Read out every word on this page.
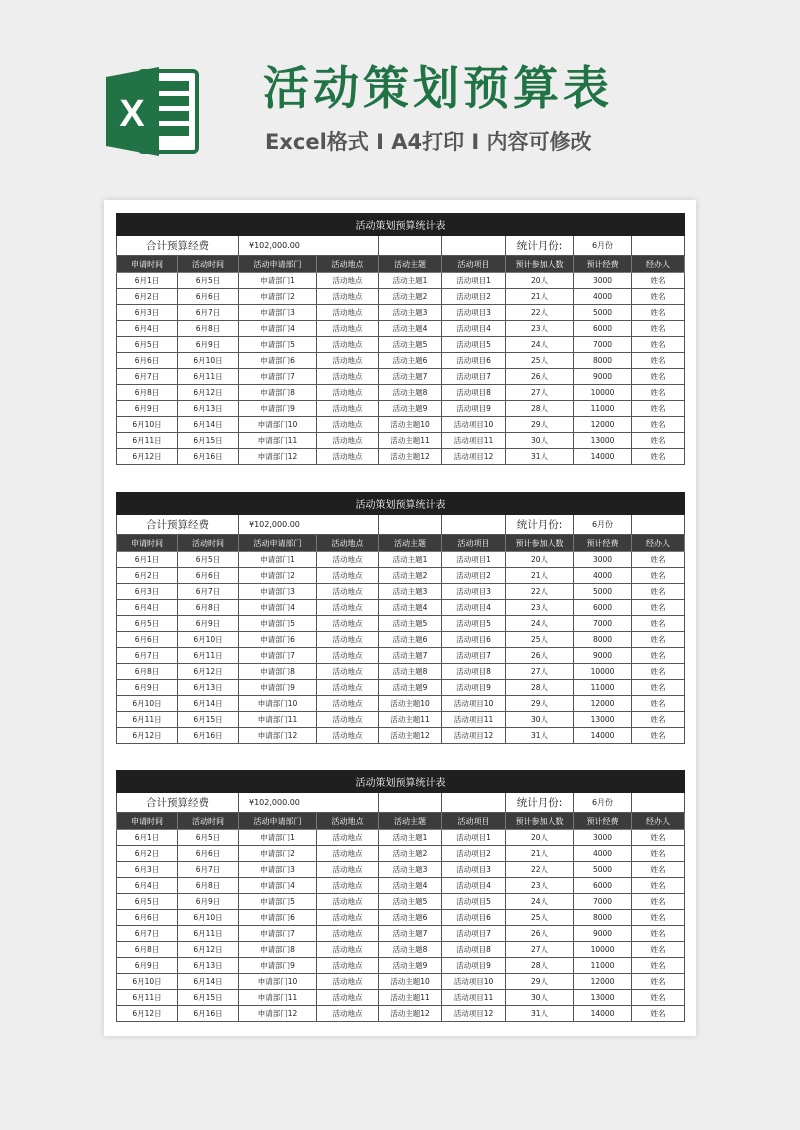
X	活动策划预算表
Excel格式 I A4打印 I 内容可修改
活动策划预算统计表								
合计预算经费		¥102,000.00				统计月份:	6月份	
申请时间	活动时间	活动申请部门	活动地点	活动主题	活动项目	预计参加人数	预计经费	经办人
6月1日	6月5日	申请部门1	活动地点	活动主题1	活动项目1	20人	3000	姓名
6月2日	6月6日	申请部门2	活动地点	活动主题2	活动项目2	21人	4000	姓名
6月3日	6月7日	申请部门3	活动地点	活动主题3	活动项目3	22人	5000	姓名
6月4日	6月8日	申请部门4	活动地点	活动主题4	活动项目4	23人	6000	姓名
6月5日	6月9日	申请部门5	活动地点	活动主题5	活动项目5	24人	7000	姓名
6月6日	6月10日	申请部门6	活动地点	活动主题6	活动项目6	25人	8000	姓名
6月7日	6月11日	申请部门7	活动地点	活动主题7	活动项目7	26人	9000	姓名
6月8日	6月12日	申请部门8	活动地点	活动主题8	活动项目8	27人	10000	姓名
6月9日	6月13日	申请部门9	活动地点	活动主题9	活动项目9	28人	11000	姓名
6月10日	6月14日	申请部门10	活动地点	活动主题10	活动项目10	29人	12000	姓名
6月11日	6月15日	申请部门11	活动地点	活动主题11	活动项目11	30人	13000	姓名
6月12日	6月16日	申请部门12	活动地点	活动主题12	活动项目12	31人	14000	姓名
活动策划预算统计表								
合计预算经费		¥102,000.00				统计月份:	6月份	
申请时间	活动时间	活动申请部门	活动地点	活动主题	活动项目	预计参加人数	预计经费	经办人
6月1日	6月5日	申请部门1	活动地点	活动主题1	活动项目1	20人	3000	姓名
6月2日	6月6日	申请部门2	活动地点	活动主题2	活动项目2	21人	4000	姓名
6月3日	6月7日	申请部门3	活动地点	活动主题3	活动项目3	22人	5000	姓名
6月4日	6月8日	申请部门4	活动地点	活动主题4	活动项目4	23人	6000	姓名
6月5日	6月9日	申请部门5	活动地点	活动主题5	活动项目5	24人	7000	姓名
6月6日	6月10日	申请部门6	活动地点	活动主题6	活动项目6	25人	8000	姓名
6月7日	6月11日	申请部门7	活动地点	活动主题7	活动项目7	26人	9000	姓名
6月8日	6月12日	申请部门8	活动地点	活动主题8	活动项目8	27人	10000	姓名
6月9日	6月13日	申请部门9	活动地点	活动主题9	活动项目9	28人	11000	姓名
6月10日	6月14日	申请部门10	活动地点	活动主题10	活动项目10	29人	12000	姓名
6月11日	6月15日	申请部门11	活动地点	活动主题11	活动项目11	30人	13000	姓名
6月12日	6月16日	申请部门12	活动地点	活动主题12	活动项目12	31人	14000	姓名
活动策划预算统计表								
合计预算经费		¥102,000.00				统计月份:	6月份	
申请时间	活动时间	活动申请部门	活动地点	活动主题	活动项目	预计参加人数	预计经费	经办人
6月1日	6月5日	申请部门1	活动地点	活动主题1	活动项目1	20人	3000	姓名
6月2日	6月6日	申请部门2	活动地点	活动主题2	活动项目2	21人	4000	姓名
6月3日	6月7日	申请部门3	活动地点	活动主题3	活动项目3	22人	5000	姓名
6月4日	6月8日	申请部门4	活动地点	活动主题4	活动项目4	23人	6000	姓名
6月5日	6月9日	申请部门5	活动地点	活动主题5	活动项目5	24人	7000	姓名
6月6日	6月10日	申请部门6	活动地点	活动主题6	活动项目6	25人	8000	姓名
6月7日	6月11日	申请部门7	活动地点	活动主题7	活动项目7	26人	9000	姓名
6月8日	6月12日	申请部门8	活动地点	活动主题8	活动项目8	27人	10000	姓名
6月9日	6月13日	申请部门9	活动地点	活动主题9	活动项目9	28人	11000	姓名
6月10日	6月14日	申请部门10	活动地点	活动主题10	活动项目10	29人	12000	姓名
6月11日	6月15日	申请部门11	活动地点	活动主题11	活动项目11	30人	13000	姓名
6月12日	6月16日	申请部门12	活动地点	活动主题12	活动项目12	31人	14000	姓名
